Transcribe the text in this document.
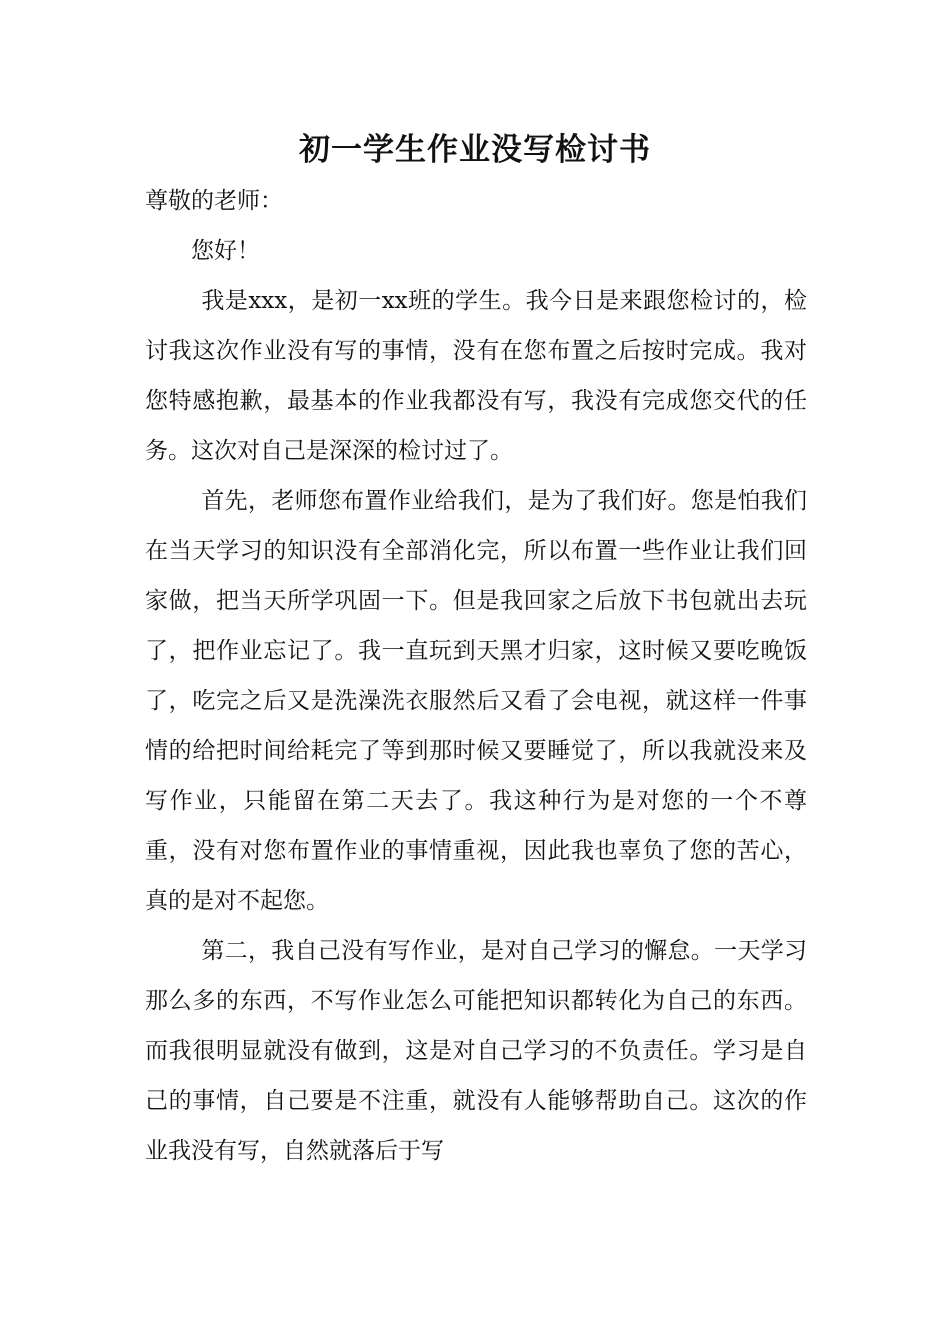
初一学生作业没写检讨书

尊敬的老师：

您好！

我是xxx，是初一xx班的学生。我今日是来跟您检讨的，检讨我这次作业没有写的事情，没有在您布置之后按时完成。我对您特感抱歉，最基本的作业我都没有写，我没有完成您交代的任务。这次对自己是深深的检讨过了。

首先，老师您布置作业给我们，是为了我们好。您是怕我们在当天学习的知识没有全部消化完，所以布置一些作业让我们回家做，把当天所学巩固一下。但是我回家之后放下书包就出去玩了，把作业忘记了。我一直玩到天黑才归家，这时候又要吃晚饭了，吃完之后又是洗澡洗衣服然后又看了会电视，就这样一件事情的给把时间给耗完了等到那时候又要睡觉了，所以我就没来及写作业，只能留在第二天去了。我这种行为是对您的一个不尊重，没有对您布置作业的事情重视，因此我也辜负了您的苦心，真的是对不起您。

第二，我自己没有写作业，是对自己学习的懈怠。一天学习那么多的东西，不写作业怎么可能把知识都转化为自己的东西。而我很明显就没有做到，这是对自己学习的不负责任。学习是自己的事情，自己要是不注重，就没有人能够帮助自己。这次的作业我没有写，自然就落后于写
